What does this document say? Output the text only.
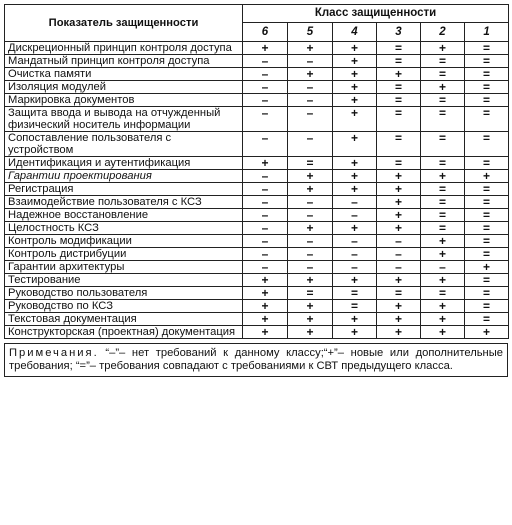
Показатель защищенности	Класс защищенности					
	6	5	4	3	2	1
Дискреционный принцип контроля доступа	+	+	+	=	+	=
Мандатный принцип контроля доступа	–	–	+	=	=	=
Очистка памяти	–	+	+	+	=	=
Изоляция модулей	–	–	+	=	+	=
Маркировка документов	–	–	+	=	=	=
Защита ввода и вывода на отчужденный физический носитель информации	–	–	+	=	=	=
Сопоставление пользователя с устройством	–	–	+	=	=	=
Идентификация и аутентификация	+	=	+	=	=	=
Гарантии проектирования	–	+	+	+	+	+
Регистрация	–	+	+	+	=	=
Взаимодействие пользователя с КСЗ	–	–	–	+	=	=
Надежное восстановление	–	–	–	+	=	=
Целостность КСЗ	–	+	+	+	=	=
Контроль модификации	–	–	–	–	+	=
Контроль дистрибуции	–	–	–	–	+	=
Гарантии архитектуры	–	–	–	–	–	+
Тестирование	+	+	+	+	+	=
Руководство пользователя	+	=	=	=	=	=
Руководство по КСЗ	+	+	=	+	+	=
Текстовая документация	+	+	+	+	+	=
Конструкторская (проектная) документация	+	+	+	+	+	+
Примечания. “–”– нет требований к данному классу;“+”– новые или дополнительные требования; “=”– требования совпадают с требованиями к СВТ предыдущего класса.
